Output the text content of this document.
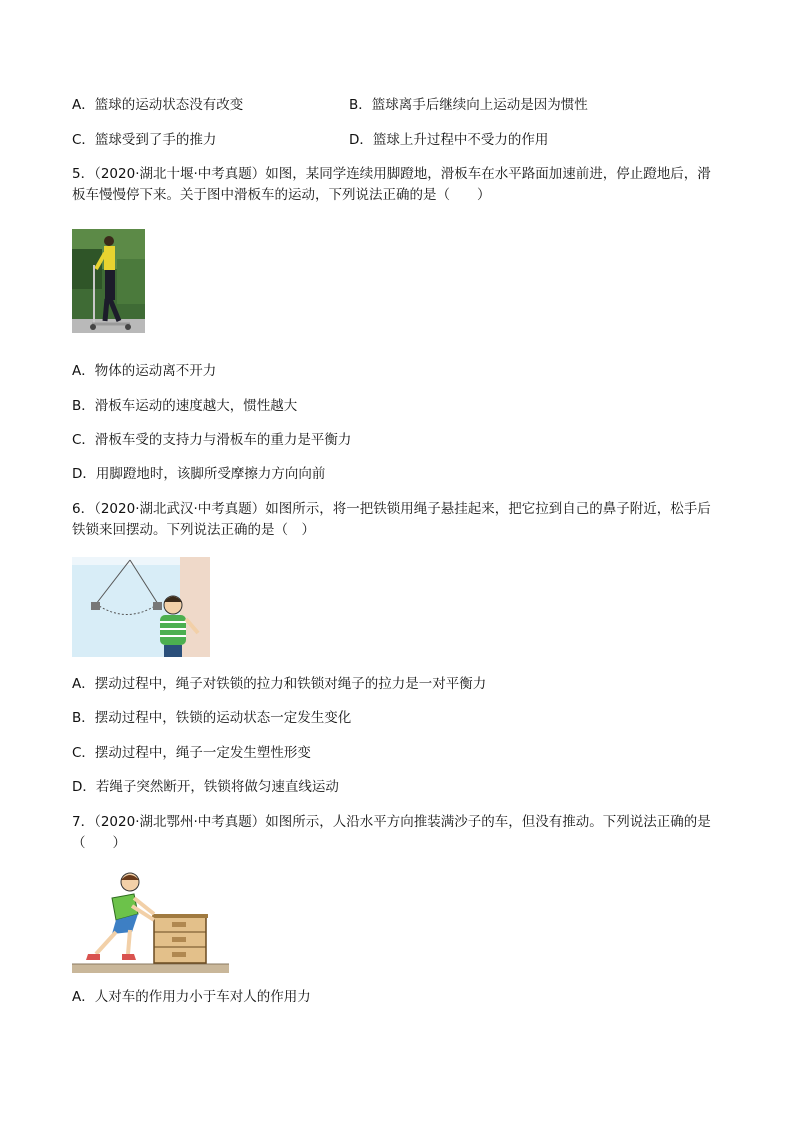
A．篮球的运动状态没有改变	B．篮球离手后继续向上运动是因为惯性
C．篮球受到了手的推力	D．篮球上升过程中不受力的作用
5．（2020·湖北十堰·中考真题）如图，某同学连续用脚蹬地，滑板车在水平路面加速前进，停止蹬地后，滑
板车慢慢停下来。关于图中滑板车的运动，下列说法正确的是（　　）
A．物体的运动离不开力
B．滑板车运动的速度越大，惯性越大
C．滑板车受的支持力与滑板车的重力是平衡力
D．用脚蹬地时，该脚所受摩擦力方向向前
6．（2020·湖北武汉·中考真题）如图所示，将一把铁锁用绳子悬挂起来，把它拉到自己的鼻子附近，松手后
铁锁来回摆动。下列说法正确的是（　）
A．摆动过程中，绳子对铁锁的拉力和铁锁对绳子的拉力是一对平衡力
B．摆动过程中，铁锁的运动状态一定发生变化
C．摆动过程中，绳子一定发生塑性形变
D．若绳子突然断开，铁锁将做匀速直线运动
7．（2020·湖北鄂州·中考真题）如图所示，人沿水平方向推装满沙子的车，但没有推动。下列说法正确的是
（　　）
A．人对车的作用力小于车对人的作用力
